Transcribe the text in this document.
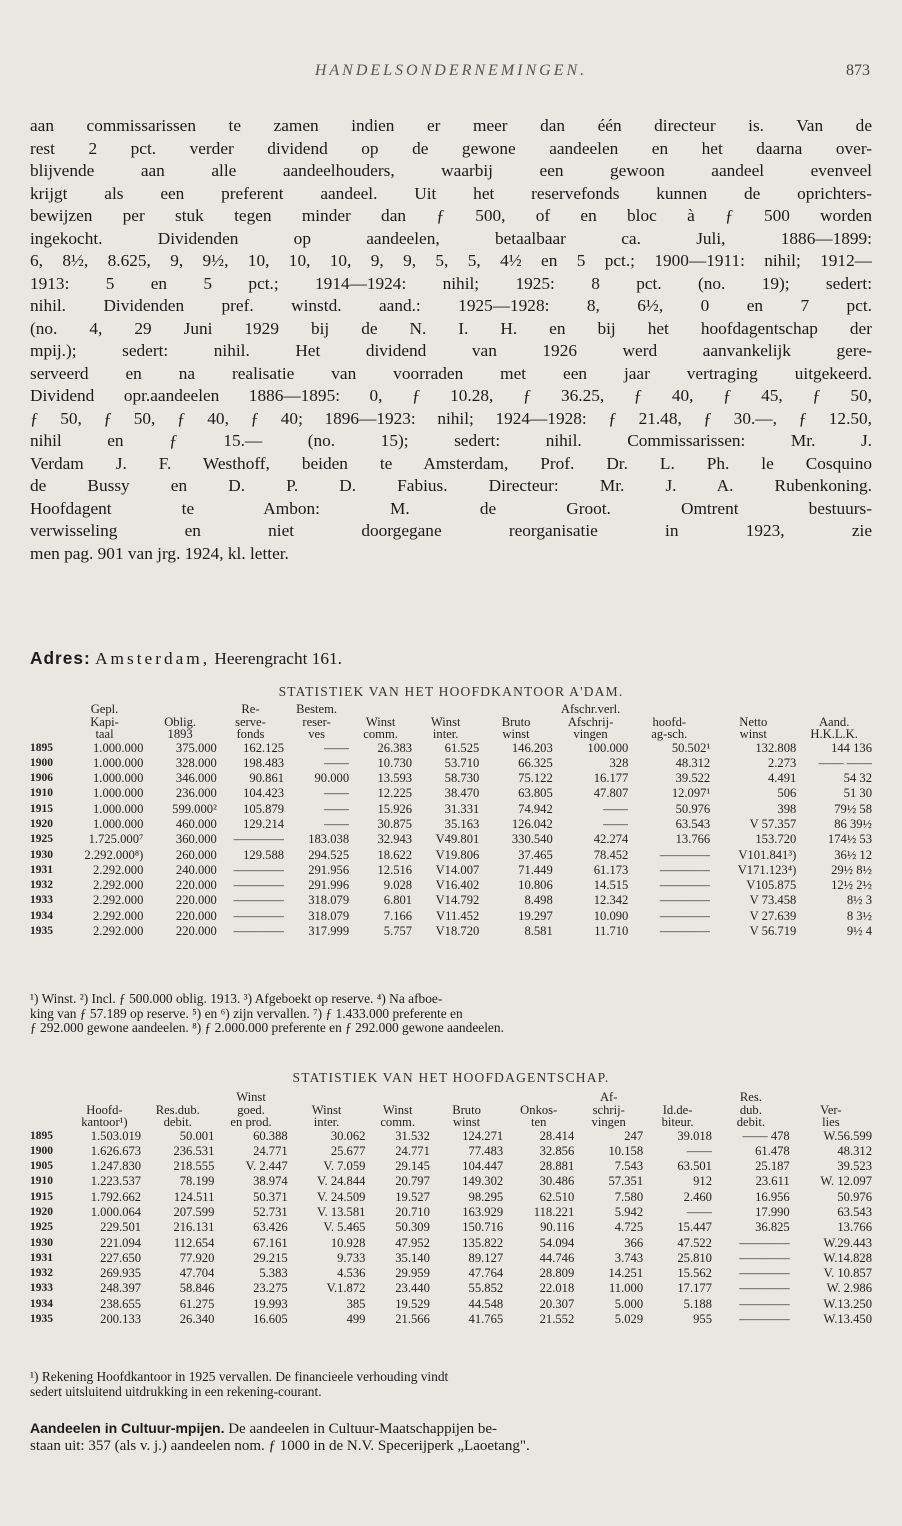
HANDELSONDERNEMINGEN.	873
aan commissarissen te zamen indien er meer dan één directeur is. Van de
rest 2 pct. verder dividend op de gewone aandeelen en het daarna over-
blijvende aan alle aandeelhouders, waarbij een gewoon aandeel evenveel
krijgt als een preferent aandeel. Uit het reservefonds kunnen de oprichters-
bewijzen per stuk tegen minder dan ƒ 500, of en bloc à ƒ 500 worden
ingekocht. Dividenden op aandeelen, betaalbaar ca. Juli, 1886—1899:
6, 8½, 8.625, 9, 9½, 10, 10, 10, 9, 9, 5, 5, 4½ en 5 pct.; 1900—1911: nihil; 1912—
1913: 5 en 5 pct.; 1914—1924: nihil; 1925: 8 pct. (no. 19); sedert:
nihil. Dividenden pref. winstd. aand.: 1925—1928: 8, 6½, 0 en 7 pct.
(no. 4, 29 Juni 1929 bij de N. I. H. en bij het hoofdagentschap der
mpij.); sedert: nihil. Het dividend van 1926 werd aanvankelijk gere-
serveerd en na realisatie van voorraden met een jaar vertraging uitgekeerd.
Dividend opr.aandeelen 1886—1895: 0, ƒ 10.28, ƒ 36.25, ƒ 40, ƒ 45, ƒ 50,
ƒ 50, ƒ 50, ƒ 40, ƒ 40; 1896—1923: nihil; 1924—1928: ƒ 21.48, ƒ 30.—, ƒ 12.50,
nihil en ƒ 15.— (no. 15); sedert: nihil. Commissarissen: Mr. J.
Verdam J. F. Westhoff, beiden te Amsterdam, Prof. Dr. L. Ph. le Cosquino
de Bussy en D. P. D. Fabius. Directeur: Mr. J. A. Rubenkoning.
Hoofdagent te Ambon: M. de Groot. Omtrent bestuurs-
verwisseling en niet doorgegane reorganisatie in 1923, zie
men pag. 901 van jrg. 1924, kl. letter.
Adres: Amsterdam, Heerengracht 161.
STATISTIEK VAN HET HOOFDKANTOOR A'DAM.
	Gepl.		Re-	Bestem.				Afschr.verl.			
	Kapi-	Oblig.	serve-	reser-	Winst	Winst	Bruto	Afschrij-	hoofd-	Netto	Aand.
	taal	1893	fonds	ves	comm.	inter.	winst	vingen	ag-sch.	winst	H.K.L.K.
1895	1.000.000	375.000	162.125	——	26.383	61.525	146.203	100.000	50.502¹	132.808	144 136
1900	1.000.000	328.000	198.483	——	10.730	53.710	66.325	328	48.312	2.273	—— ——
1906	1.000.000	346.000	90.861	90.000	13.593	58.730	75.122	16.177	39.522	4.491	54 32
1910	1.000.000	236.000	104.423	——	12.225	38.470	63.805	47.807	12.097¹	506	51 30
1915	1.000.000	599.000²	105.879	——	15.926	31.331	74.942	——	50.976	398	79½ 58
1920	1.000.000	460.000	129.214	——	30.875	35.163	126.042	——	63.543	V 57.357	86 39½
1925	1.725.000⁷	360.000	————	183.038	32.943	V49.801	330.540	42.274	13.766	153.720	174½ 53
1930	2.292.000⁸)	260.000	129.588	294.525	18.622	V19.806	37.465	78.452	————	V101.841³)	36½ 12
1931	2.292.000	240.000	————	291.956	12.516	V14.007	71.449	61.173	————	V171.123⁴)	29½ 8½
1932	2.292.000	220.000	————	291.996	9.028	V16.402	10.806	14.515	————	V105.875	12½ 2½
1933	2.292.000	220.000	————	318.079	6.801	V14.792	8.498	12.342	————	V 73.458	8½ 3
1934	2.292.000	220.000	————	318.079	7.166	V11.452	19.297	10.090	————	V 27.639	8 3½
1935	2.292.000	220.000	————	317.999	5.757	V18.720	8.581	11.710	————	V 56.719	9½ 4
¹) Winst. ²) Incl. ƒ 500.000 oblig. 1913. ³) Afgeboekt op reserve. ⁴) Na afboe-
king van ƒ 57.189 op reserve. ⁵) en ⁶) zijn vervallen. ⁷) ƒ 1.433.000 preferente en
ƒ 292.000 gewone aandeelen. ⁸) ƒ 2.000.000 preferente en ƒ 292.000 gewone aandeelen.
STATISTIEK VAN HET HOOFDAGENTSCHAP.
			Winst					Af-		Res.	
	Hoofd-	Res.dub.	goed.	Winst	Winst	Bruto	Onkos-	schrij-	Id.de-	dub.	Ver-
	kantoor¹)	debit.	en prod.	inter.	comm.	winst	ten	vingen	biteur.	debit.	lies
1895	1.503.019	50.001	60.388	30.062	31.532	124.271	28.414	247	39.018	—— 478	W.56.599
1900	1.626.673	236.531	24.771	25.677	24.771	77.483	32.856	10.158	——	61.478	48.312
1905	1.247.830	218.555	V. 2.447	V. 7.059	29.145	104.447	28.881	7.543	63.501	25.187	39.523
1910	1.223.537	78.199	38.974	V. 24.844	20.797	149.302	30.486	57.351	912	23.611	W. 12.097
1915	1.792.662	124.511	50.371	V. 24.509	19.527	98.295	62.510	7.580	2.460	16.956	50.976
1920	1.000.064	207.599	52.731	V. 13.581	20.710	163.929	118.221	5.942	——	17.990	63.543
1925	229.501	216.131	63.426	V. 5.465	50.309	150.716	90.116	4.725	15.447	36.825	13.766
1930	221.094	112.654	67.161	10.928	47.952	135.822	54.094	366	47.522	————	W.29.443
1931	227.650	77.920	29.215	9.733	35.140	89.127	44.746	3.743	25.810	————	W.14.828
1932	269.935	47.704	5.383	4.536	29.959	47.764	28.809	14.251	15.562	————	V. 10.857
1933	248.397	58.846	23.275	V.1.872	23.440	55.852	22.018	11.000	17.177	————	W. 2.986
1934	238.655	61.275	19.993	385	19.529	44.548	20.307	5.000	5.188	————	W.13.250
1935	200.133	26.340	16.605	499	21.566	41.765	21.552	5.029	955	————	W.13.450
¹) Rekening Hoofdkantoor in 1925 vervallen. De financieele verhouding vindt
sedert uitsluitend uitdrukking in een rekening-courant.
Aandeelen in Cultuur-mpijen. De aandeelen in Cultuur-Maatschappijen be-
staan uit: 357 (als v. j.) aandeelen nom. ƒ 1000 in de N.V. Specerijperk „Laoetang".
